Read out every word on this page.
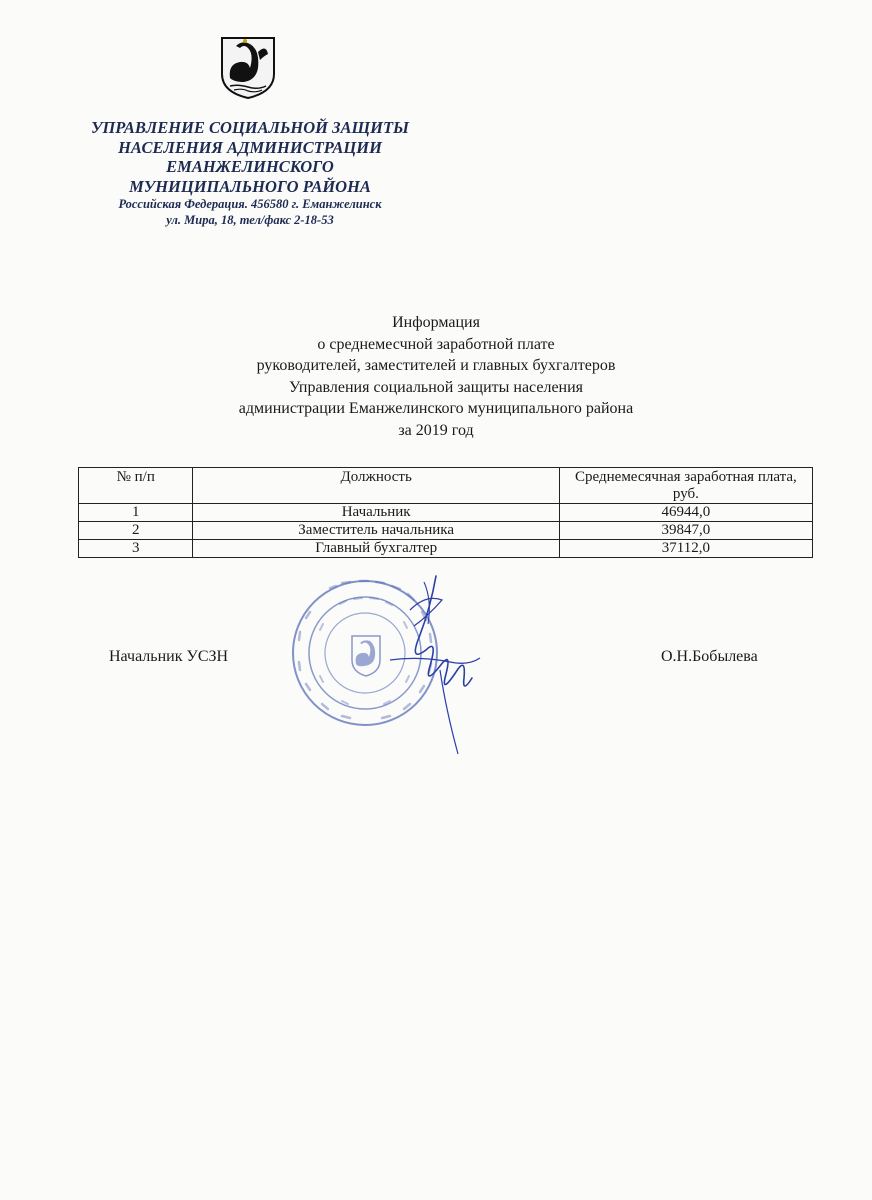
УПРАВЛЕНИЕ СОЦИАЛЬНОЙ ЗАЩИТЫ
НАСЕЛЕНИЯ АДМИНИСТРАЦИИ
ЕМАНЖЕЛИНСКОГО
МУНИЦИПАЛЬНОГО РАЙОНА
Российская Федерация. 456580 г. Еманжелинск
ул. Мира, 18, тел/факс 2-18-53
Информация
о среднемесчной заработной плате
руководителей, заместителей и главных бухгалтеров
Управления социальной защиты населения
администрации Еманжелинского муниципального района
за 2019 год
№ п/п	Должность	Среднемесячная заработная плата, руб.
1	Начальник	46944,0
2	Заместитель начальника	39847,0
3	Главный бухгалтер	37112,0
Начальник УСЗН	О.Н.Бобылева
